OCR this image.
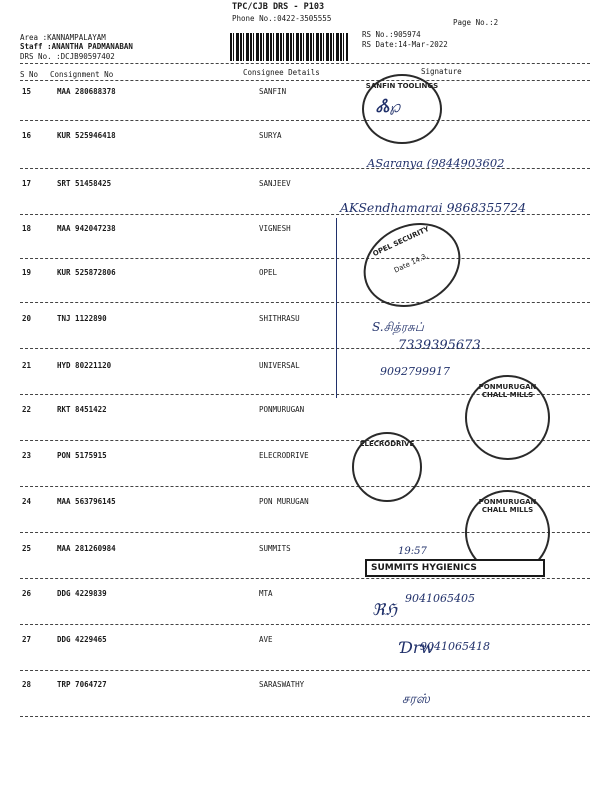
TPC/CJB DRS - P103
Phone No.:0422-3505555	Page No.:2
Area :KANNAMPALAYAM
Staff :ANANTHA PADMANABAN
DRS No. :DCJB90597402
RS No.:905974
RS Date:14-Mar-2022
S No Consignment No	Consignee Details	Signature
15	MAA 280688378	SANFIN
16	KUR 525946418	SURYA
17	SRT 51458425	SANJEEV
18	MAA 942047238	VIGNESH
19	KUR 525872806	OPEL
20	TNJ 1122890	SHITHRASU
21	HYD 80221120	UNIVERSAL
22	RKT 8451422	PONMURUGAN
23	PON 5175915	ELECRODRIVE
24	MAA 563796145	PON MURUGAN
25	MAA 281260984	SUMMITS
26	DDG 4229839	MTA
27	DDG 4229465	AVE
28	TRP 7064727	SARASWATHY
SANFIN TOOLINGS
Ꮬ℘
ASaranya (9844903602
AKSendhamarai 9868355724
OPEL SECURITY
Date 14.3.
S.சித்ரசுப்
7339395673
9092799917
PONMURUGAN CHALL MILLS
ELECRODRIVE
PONMURUGAN CHALL MILLS
19:57
SUMMITS HYGIENICS
ℜℌ
9041065405
Ɗrw
9041065418
சரஸ்
